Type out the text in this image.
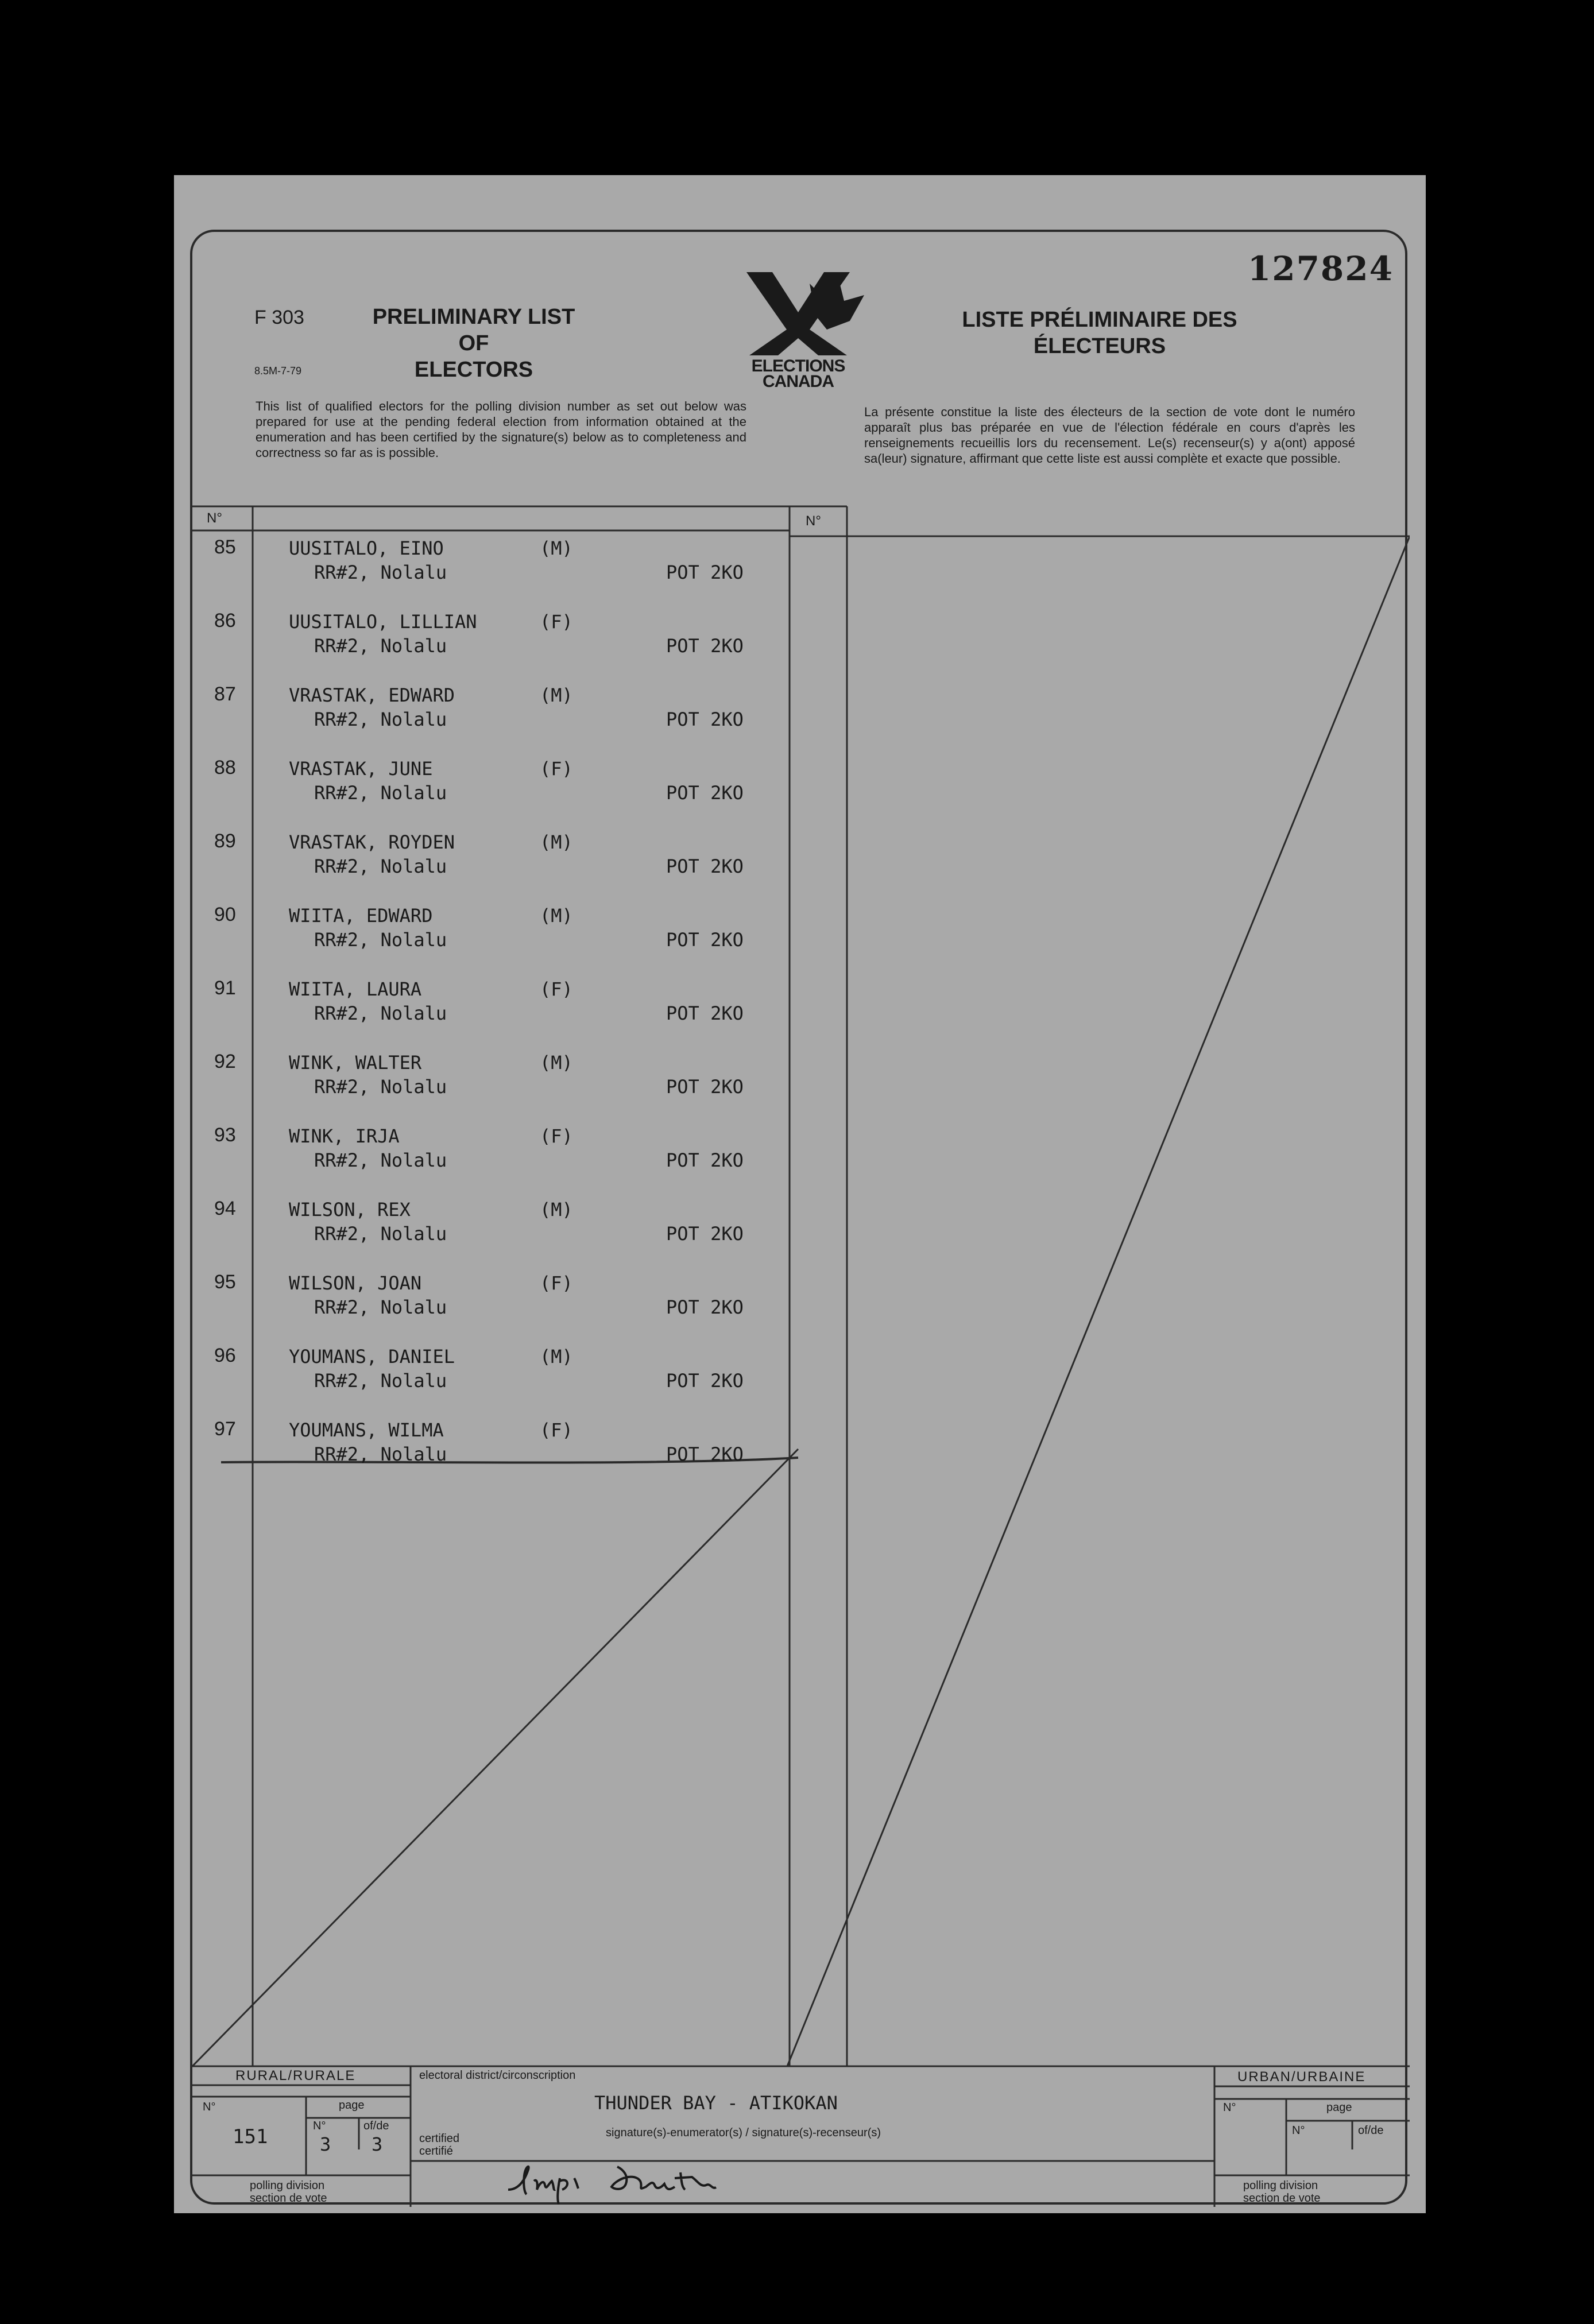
127824
F 303
8.5M-7-79
PRELIMINARY LIST OF
ELECTORS	ELECTIONS
CANADA
LISTE PRÉLIMINAIRE DES
ÉLECTEURS
This list of qualified electors for the polling division number as set out below was prepared for use at the pending federal election from information obtained at the enumeration and has been certified by the signature(s) below as to completeness and correctness so far as is possible.
La présente constitue la liste des électeurs de la section de vote dont le numéro apparaît plus bas préparée en vue de l'élection fédérale en cours d'après les renseignements recueillis lors du recensement. Le(s) recenseur(s) y a(ont) apposé sa(leur) signature, affirmant que cette liste est aussi complète et exacte que possible.
N°	N°
85	UUSITALO, EINO	(M)
RR#2, Nolalu	POT 2KO
86	UUSITALO, LILLIAN	(F)
RR#2, Nolalu	POT 2KO
87	VRASTAK, EDWARD	(M)
RR#2, Nolalu	POT 2KO
88	VRASTAK, JUNE	(F)
RR#2, Nolalu	POT 2KO
89	VRASTAK, ROYDEN	(M)
RR#2, Nolalu	POT 2KO
90	WIITA, EDWARD	(M)
RR#2, Nolalu	POT 2KO
91	WIITA, LAURA	(F)
RR#2, Nolalu	POT 2KO
92	WINK, WALTER	(M)
RR#2, Nolalu	POT 2KO
93	WINK, IRJA	(F)
RR#2, Nolalu	POT 2KO
94	WILSON, REX	(M)
RR#2, Nolalu	POT 2KO
95	WILSON, JOAN	(F)
RR#2, Nolalu	POT 2KO
96	YOUMANS, DANIEL	(M)
RR#2, Nolalu	POT 2KO
97	YOUMANS, WILMA	(F)
RR#2, Nolalu	POT 2KO
RURAL/RURALE
N°	page
151	N°	of/de
3 3
polling division
section de vote
electoral district/circonscription
THUNDER BAY - ATIKOKAN
signature(s)-enumerator(s) / signature(s)-recenseur(s)
certified
certifié
URBAN/URBAINE
N°	page
N°	of/de
polling division
section de vote
